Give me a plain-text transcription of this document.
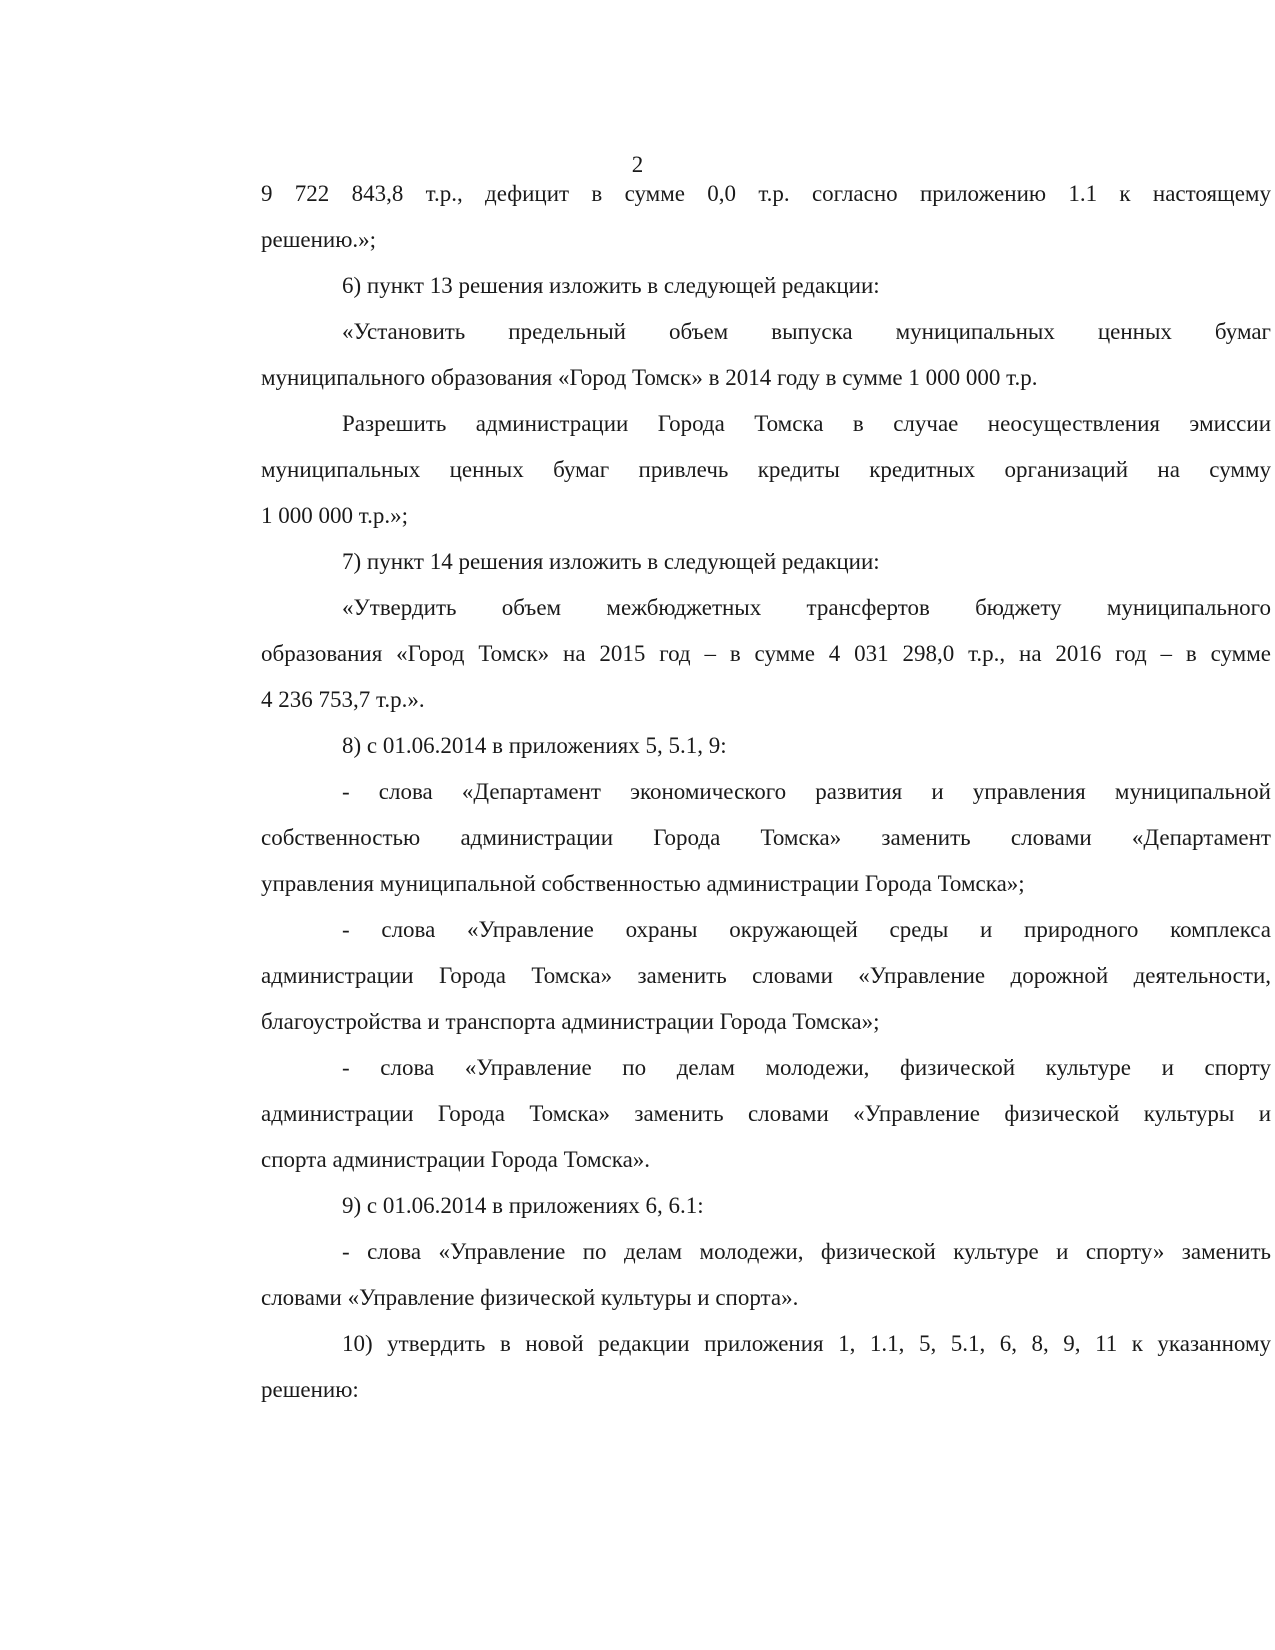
2

9 722 843,8 т.р., дефицит в сумме 0,0 т.р. согласно приложению 1.1 к настоящему

решению.»;

6) пункт 13 решения изложить в следующей редакции:

«Установить предельный объем выпуска муниципальных ценных бумаг

муниципального образования «Город Томск» в 2014 году в сумме 1 000 000 т.р.

Разрешить администрации Города Томска в случае неосуществления эмиссии

муниципальных ценных бумаг привлечь кредиты кредитных организаций на сумму

1 000 000 т.р.»;

7) пункт 14 решения изложить в следующей редакции:

«Утвердить объем межбюджетных трансфертов бюджету муниципального

образования «Город Томск» на 2015 год – в сумме 4 031 298,0 т.р., на 2016 год – в сумме

4 236 753,7 т.р.».

8) с 01.06.2014 в приложениях 5, 5.1, 9:

- слова «Департамент экономического развития и управления муниципальной

собственностью администрации Города Томска» заменить словами «Департамент

управления муниципальной собственностью администрации Города Томска»;

- слова «Управление охраны окружающей среды и природного комплекса

администрации Города Томска» заменить словами «Управление дорожной деятельности,

благоустройства и транспорта администрации Города Томска»;

- слова «Управление по делам молодежи, физической культуре и спорту

администрации Города Томска» заменить словами «Управление физической культуры и

спорта администрации Города Томска».

9) с 01.06.2014 в приложениях 6, 6.1:

- слова «Управление по делам молодежи, физической культуре и спорту» заменить

словами «Управление физической культуры и спорта».

10) утвердить в новой редакции приложения 1, 1.1, 5, 5.1, 6, 8, 9, 11 к указанному

решению:
